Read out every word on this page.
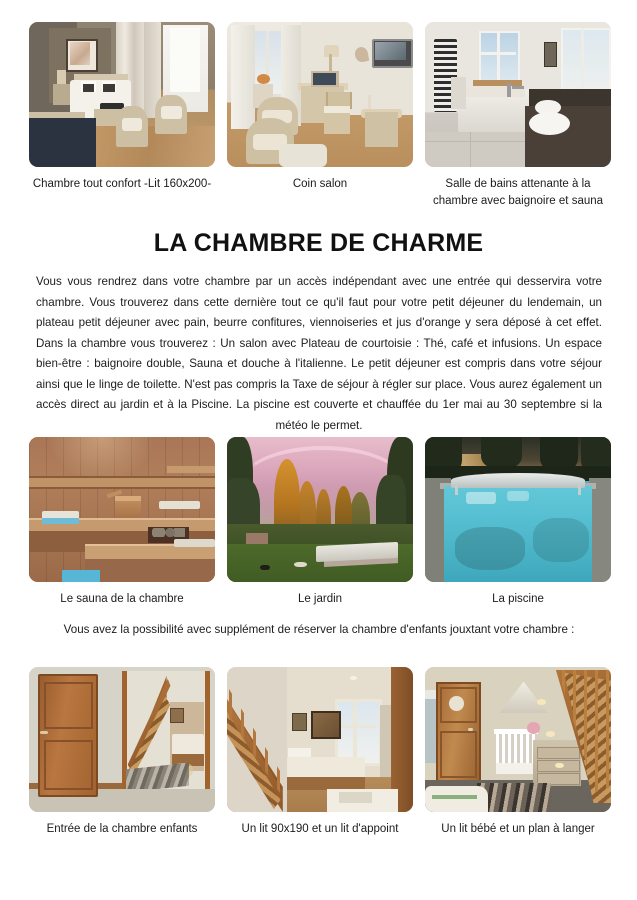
Chambre tout confort -Lit 160x200-	Coin salon	Salle de bains attenante à la chambre avec baignoire et sauna
LA CHAMBRE DE CHARME

Vous vous rendrez dans votre chambre par un accès indépendant avec une entrée qui desservira votre chambre. Vous trouverez dans cette dernière tout ce qu'il faut pour votre petit déjeuner du lendemain, un plateau petit déjeuner avec pain, beurre confitures, viennoiseries et jus d'orange y sera déposé à cet effet. Dans la chambre vous trouverez : Un salon avec Plateau de courtoisie : Thé, café et infusions. Un espace bien-être : baignoire double, Sauna et douche à l'italienne. Le petit déjeuner est compris dans votre séjour ainsi que le linge de toilette. N'est pas compris la Taxe de séjour à régler sur place. Vous aurez également un accès direct au jardin et à la Piscine. La piscine est couverte et chauffée du 1er mai au 30 septembre si la météo le permet.

Le sauna de la chambre	Le jardin	La piscine

Vous avez la possibilité avec supplément de réserver la chambre d'enfants jouxtant votre chambre :

Entrée de la chambre enfants	Un lit 90x190 et un lit d'appoint	Un lit bébé et un plan à langer
